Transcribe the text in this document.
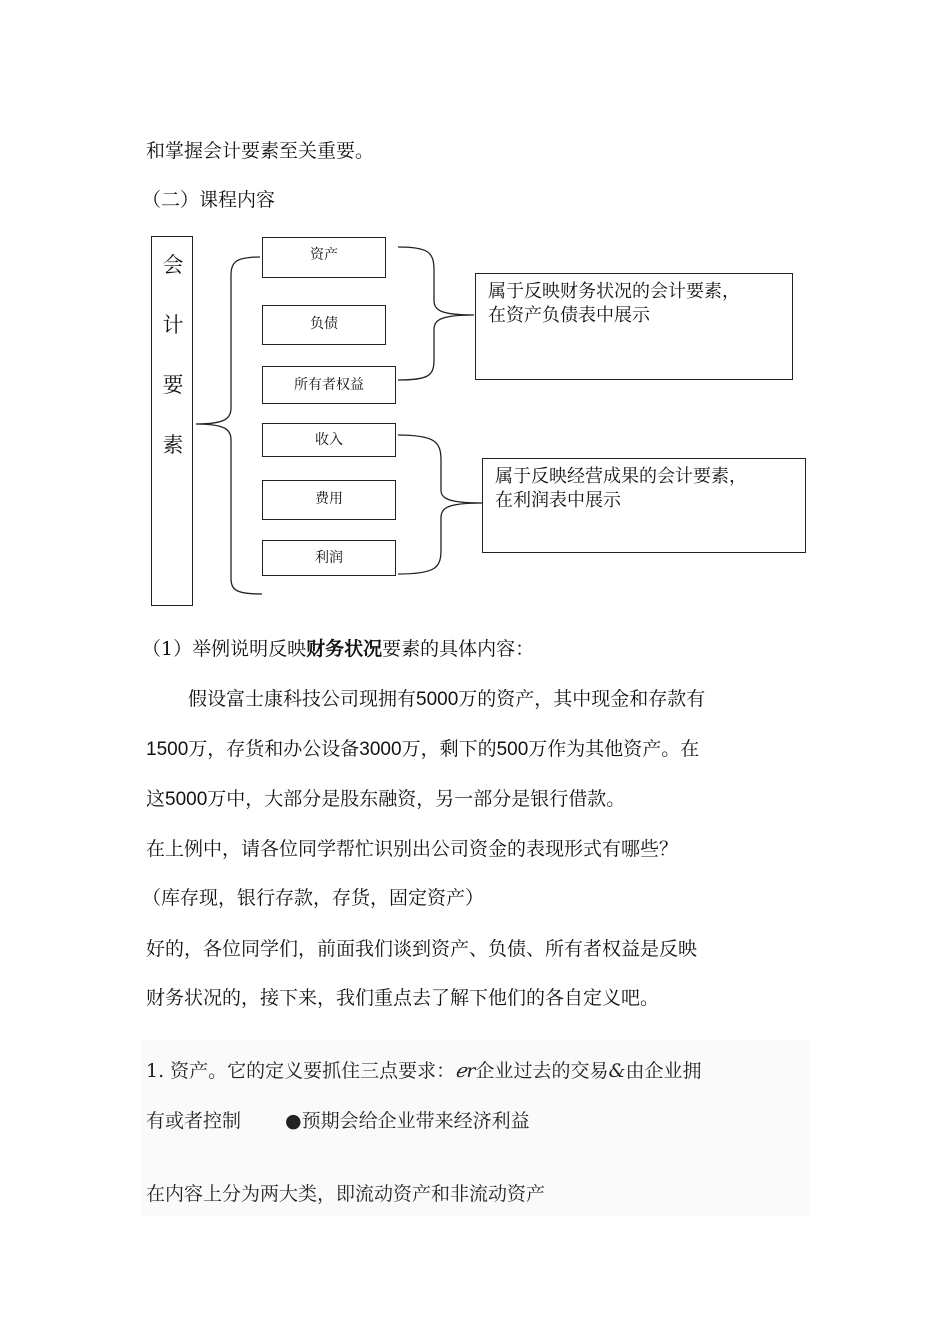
和掌握会计要素至关重要。
（二）课程内容
会
计
要
素
资产
负债
所有者权益
收入
费用
利润
属于反映财务状况的会计要素，
在资产负债表中展示
属于反映经营成果的会计要素，
在利润表中展示
（1）举例说明反映财务状况要素的具体内容：
假设富士康科技公司现拥有5000万的资产，其中现金和存款有
1500万，存货和办公设备3000万，剩下的500万作为其他资产。在
这5000万中，大部分是股东融资，另一部分是银行借款。
在上例中，请各位同学帮忙识别出公司资金的表现形式有哪些？
（库存现，银行存款，存货，固定资产）
好的，各位同学们，前面我们谈到资产、负债、所有者权益是反映
财务状况的，接下来，我们重点去了解下他们的各自定义吧。
1. 资产。它的定义要抓住三点要求：ℯr企业过去的交易&由企业拥
有或者控制 ●预期会给企业带来经济利益
在内容上分为两大类，即流动资产和非流动资产
